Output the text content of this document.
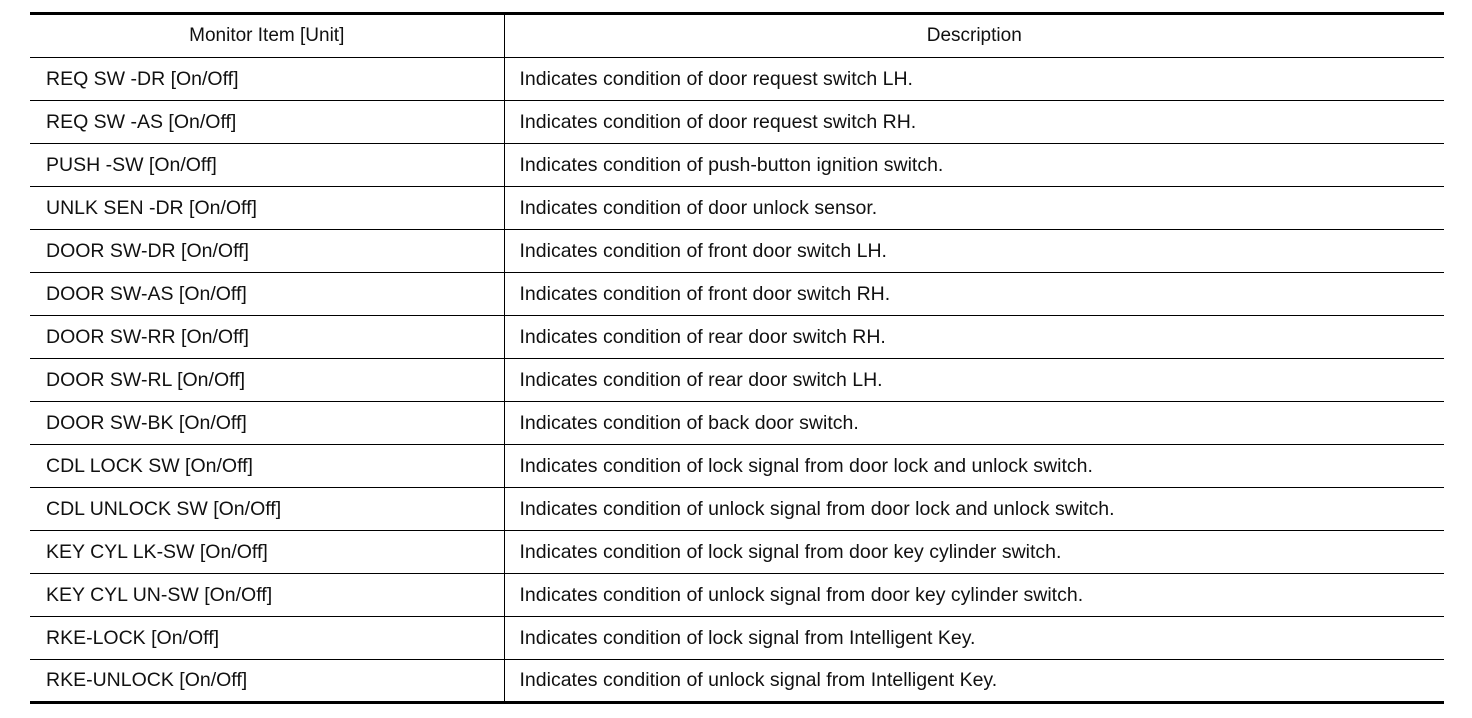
Monitor Item [Unit]	Description
REQ SW -DR [On/Off]	Indicates condition of door request switch LH.
REQ SW -AS [On/Off]	Indicates condition of door request switch RH.
PUSH -SW [On/Off]	Indicates condition of push-button ignition switch.
UNLK SEN -DR [On/Off]	Indicates condition of door unlock sensor.
DOOR SW-DR [On/Off]	Indicates condition of front door switch LH.
DOOR SW-AS [On/Off]	Indicates condition of front door switch RH.
DOOR SW-RR [On/Off]	Indicates condition of rear door switch RH.
DOOR SW-RL [On/Off]	Indicates condition of rear door switch LH.
DOOR SW-BK [On/Off]	Indicates condition of back door switch.
CDL LOCK SW [On/Off]	Indicates condition of lock signal from door lock and unlock switch.
CDL UNLOCK SW [On/Off]	Indicates condition of unlock signal from door lock and unlock switch.
KEY CYL LK-SW [On/Off]	Indicates condition of lock signal from door key cylinder switch.
KEY CYL UN-SW [On/Off]	Indicates condition of unlock signal from door key cylinder switch.
RKE-LOCK [On/Off]	Indicates condition of lock signal from Intelligent Key.
RKE-UNLOCK [On/Off]	Indicates condition of unlock signal from Intelligent Key.
